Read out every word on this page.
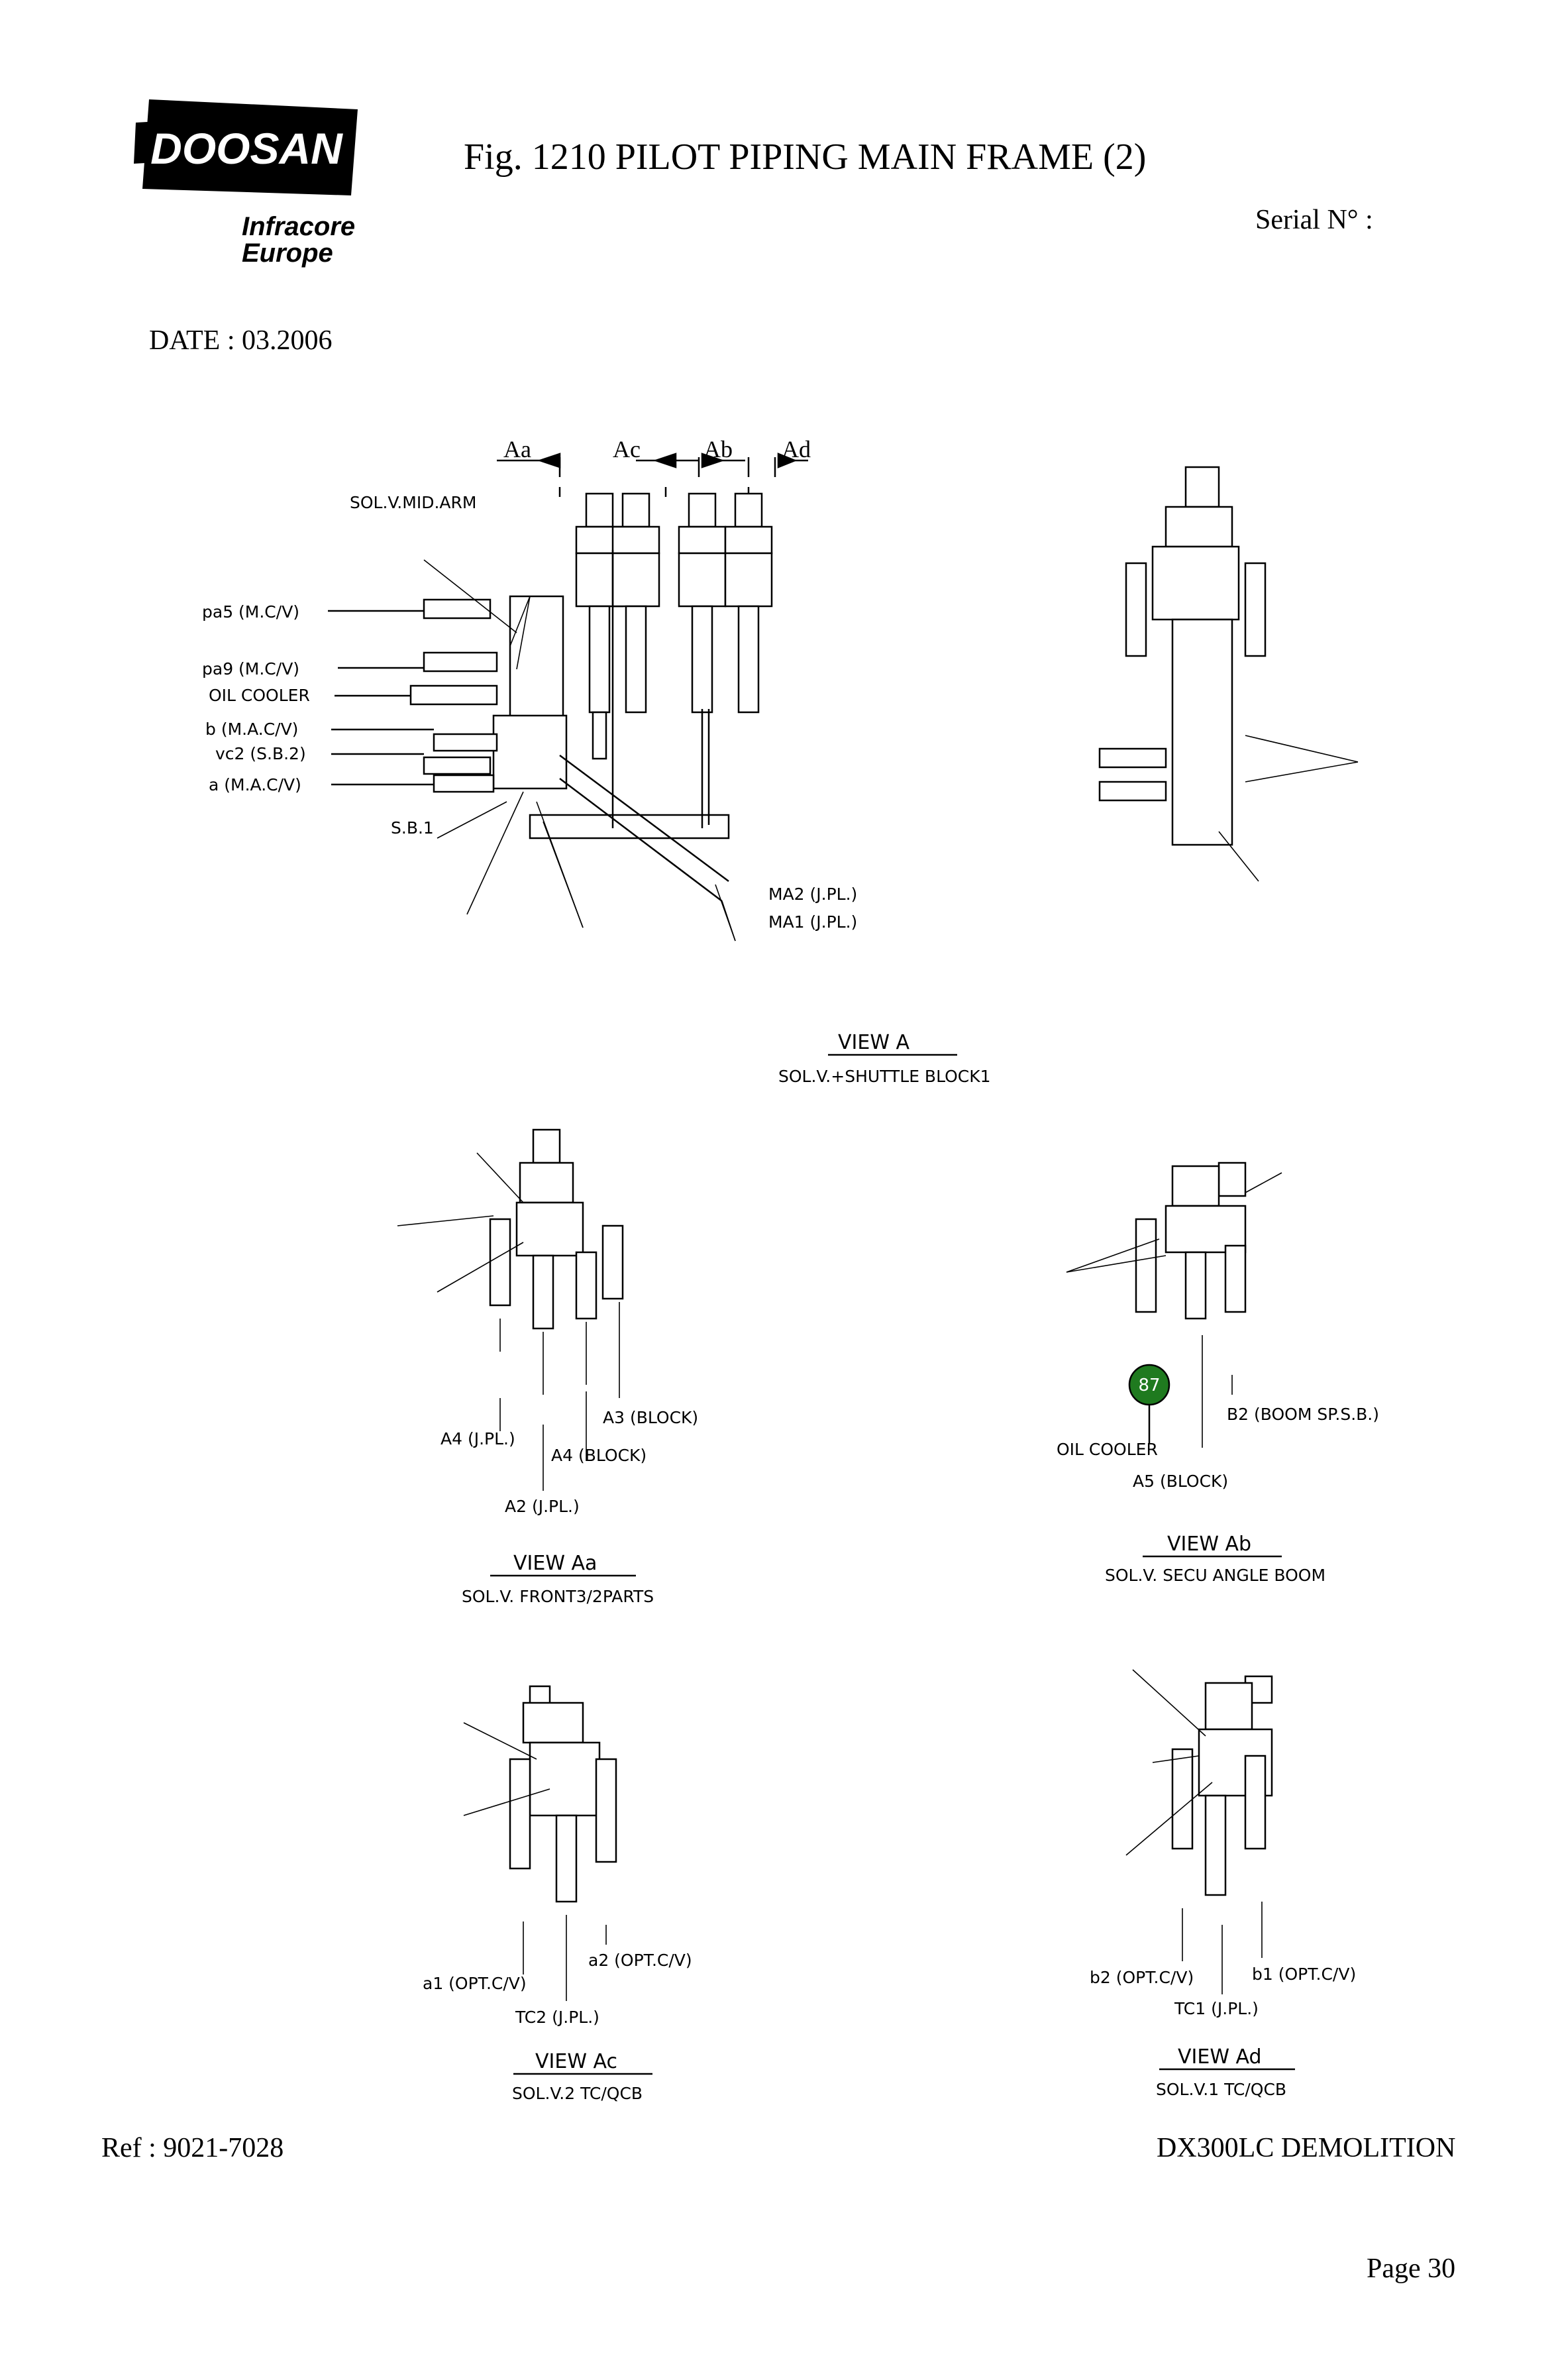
DOOSAN
Infracore
Europe
Fig. 1210 PILOT PIPING MAIN FRAME (2)
Serial N° :
DATE : 03.2006
Ref : 9021-7028	DX300LC DEMOLITION
Page 30
Aa	Ac	Ab Ad
SOL.V.MID.ARM
pa5 (M.C/V)
pa9 (M.C/V)
OIL COOLER
b (M.A.C/V)
vc2 (S.B.2)
a (M.A.C/V)
S.B.1
MA2 (J.PL.)
MA1 (J.PL.)
VIEW A
SOL.V.+SHUTTLE BLOCK1
A3 (BLOCK)
A4 (J.PL.)
A4 (BLOCK)
A2 (J.PL.)
VIEW Aa
SOL.V. FRONT3/2PARTS
87
B2 (BOOM SP.S.B.)
OIL COOLER
A5 (BLOCK)
VIEW Ab
SOL.V. SECU ANGLE BOOM
a2 (OPT.C/V)
a1 (OPT.C/V)
TC2 (J.PL.)
VIEW Ac
SOL.V.2 TC/QCB
b2 (OPT.C/V)	b1 (OPT.C/V)
TC1 (J.PL.)
VIEW Ad
SOL.V.1 TC/QCB
